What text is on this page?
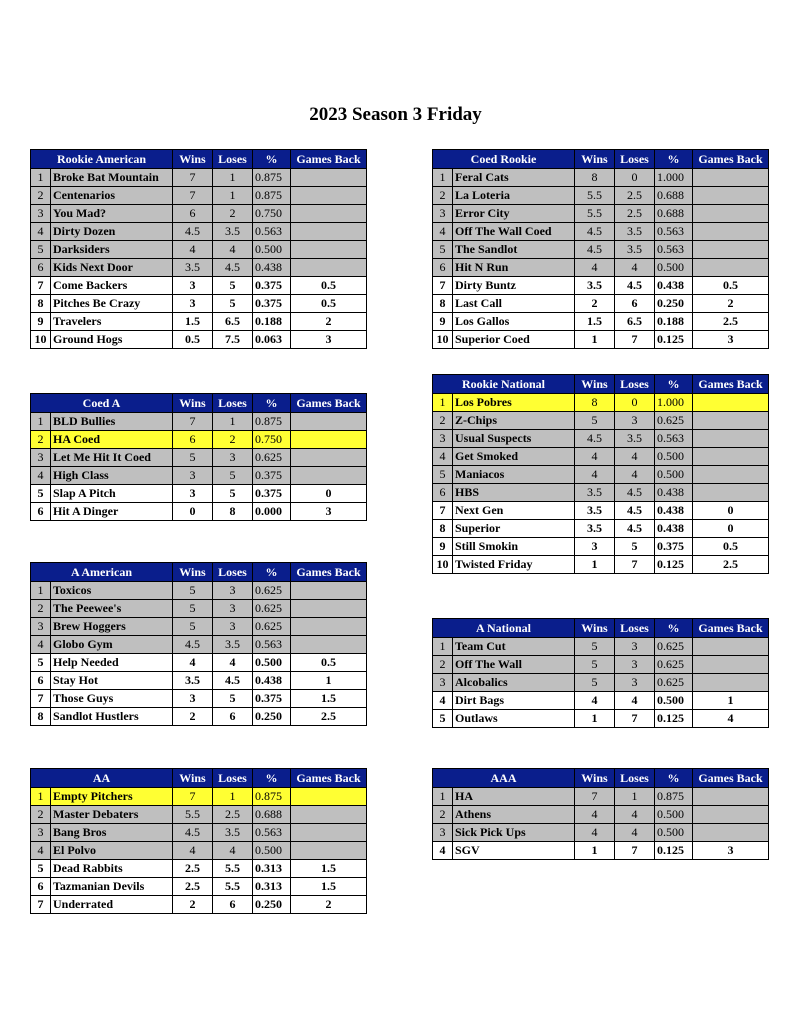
2023 Season 3 Friday
Rookie American		Wins	Loses	%	Games Back
1	Broke Bat Mountain	7	1	0.875	
2	Centenarios	7	1	0.875	
3	You Mad?	6	2	0.750	
4	Dirty Dozen	4.5	3.5	0.563	
5	Darksiders	4	4	0.500	
6	Kids Next Door	3.5	4.5	0.438	
7	Come Backers	3	5	0.375	0.5
8	Pitches Be Crazy	3	5	0.375	0.5
9	Travelers	1.5	6.5	0.188	2
10	Ground Hogs	0.5	7.5	0.063	3
Coed Rookie		Wins	Loses	%	Games Back
1	Feral Cats	8	0	1.000	
2	La Loteria	5.5	2.5	0.688	
3	Error City	5.5	2.5	0.688	
4	Off The Wall Coed	4.5	3.5	0.563	
5	The Sandlot	4.5	3.5	0.563	
6	Hit N Run	4	4	0.500	
7	Dirty Buntz	3.5	4.5	0.438	0.5
8	Last Call	2	6	0.250	2
9	Los Gallos	1.5	6.5	0.188	2.5
10	Superior Coed	1	7	0.125	3
Coed A		Wins	Loses	%	Games Back
1	BLD Bullies	7	1	0.875	
2	HA Coed	6	2	0.750	
3	Let Me Hit It Coed	5	3	0.625	
4	High Class	3	5	0.375	
5	Slap A Pitch	3	5	0.375	0
6	Hit A Dinger	0	8	0.000	3
Rookie National		Wins	Loses	%	Games Back
1	Los Pobres	8	0	1.000	
2	Z-Chips	5	3	0.625	
3	Usual Suspects	4.5	3.5	0.563	
4	Get Smoked	4	4	0.500	
5	Maniacos	4	4	0.500	
6	HBS	3.5	4.5	0.438	
7	Next Gen	3.5	4.5	0.438	0
8	Superior	3.5	4.5	0.438	0
9	Still Smokin	3	5	0.375	0.5
10	Twisted Friday	1	7	0.125	2.5
A American		Wins	Loses	%	Games Back
1	Toxicos	5	3	0.625	
2	The Peewee's	5	3	0.625	
3	Brew Hoggers	5	3	0.625	
4	Globo Gym	4.5	3.5	0.563	
5	Help Needed	4	4	0.500	0.5
6	Stay Hot	3.5	4.5	0.438	1
7	Those Guys	3	5	0.375	1.5
8	Sandlot Hustlers	2	6	0.250	2.5
A National		Wins	Loses	%	Games Back
1	Team Cut	5	3	0.625	
2	Off The Wall	5	3	0.625	
3	Alcobalics	5	3	0.625	
4	Dirt Bags	4	4	0.500	1
5	Outlaws	1	7	0.125	4
AA		Wins	Loses	%	Games Back
1	Empty Pitchers	7	1	0.875	
2	Master Debaters	5.5	2.5	0.688	
3	Bang Bros	4.5	3.5	0.563	
4	El Polvo	4	4	0.500	
5	Dead Rabbits	2.5	5.5	0.313	1.5
6	Tazmanian Devils	2.5	5.5	0.313	1.5
7	Underrated	2	6	0.250	2
AAA		Wins	Loses	%	Games Back
1	HA	7	1	0.875	
2	Athens	4	4	0.500	
3	Sick Pick Ups	4	4	0.500	
4	SGV	1	7	0.125	3
